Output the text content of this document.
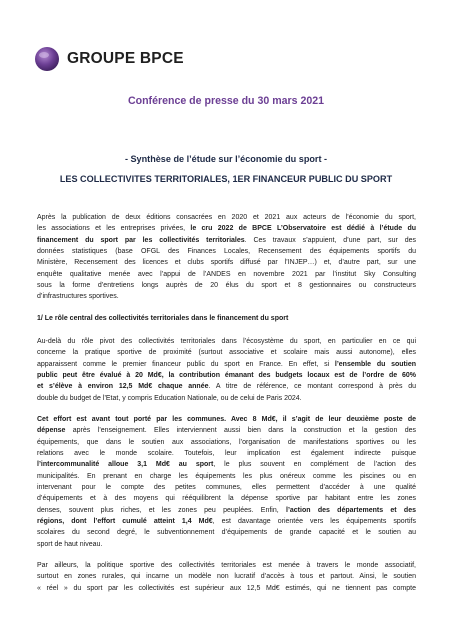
GROUPE BPCE
Conférence de presse du 30 mars 2021
- Synthèse de l’étude sur l’économie du sport -
LES COLLECTIVITES TERRITORIALES, 1ER FINANCEUR PUBLIC DU SPORT
Après la publication de deux éditions consacrées en 2020 et 2021 aux acteurs de l’économie du sport,
les associations et les entreprises privées, le cru 2022 de BPCE L’Observatoire est dédié à l’étude du
financement du sport par les collectivités territoriales. Ces travaux s’appuient, d’une part, sur des
données statistiques (base OFGL des Finances Locales, Recensement des équipements sportifs du
Ministère, Recensement des licences et clubs sportifs diffusé par l’INJEP…) et, d’autre part, sur une
enquête qualitative menée avec l’appui de l’ANDES en novembre 2021 par l’institut Sky Consulting
sous la forme d’entretiens longs auprès de 20 élus du sport et 8 gestionnaires ou constructeurs
d’infrastructures sportives.
1/ Le rôle central des collectivités territoriales dans le financement du sport
Au-delà du rôle pivot des collectivités territoriales dans l’écosystème du sport, en particulier en ce qui
concerne la pratique sportive de proximité (surtout associative et scolaire mais aussi autonome), elles
apparaissent comme le premier financeur public du sport en France. En effet, si l’ensemble du soutien
public peut être évalué à 20 Md€, la contribution émanant des budgets locaux est de l’ordre de 60%
et s’élève à environ 12,5 Md€ chaque année. A titre de référence, ce montant correspond à près du
double du budget de l’Etat, y compris Education Nationale, ou de celui de Paris 2024.
Cet effort est avant tout porté par les communes. Avec 8 Md€, il s’agit de leur deuxième poste de
dépense après l’enseignement. Elles interviennent aussi bien dans la construction et la gestion des
équipements, que dans le soutien aux associations, l’organisation de manifestations sportives ou les
relations avec le monde scolaire. Toutefois, leur implication est également indirecte puisque
l’intercommunalité alloue 3,1 Md€ au sport, le plus souvent en complément de l’action des
municipalités. En prenant en charge les équipements les plus onéreux comme les piscines ou en
intervenant pour le compte des petites communes, elles permettent d’accéder à une qualité
d’équipements et à des moyens qui rééquilibrent la dépense sportive par habitant entre les zones
denses, souvent plus riches, et les zones peu peuplées. Enfin, l’action des départements et des
régions, dont l’effort cumulé atteint 1,4 Md€, est davantage orientée vers les équipements sportifs
scolaires du second degré, le subventionnement d’équipements de grande capacité et le soutien au
sport de haut niveau.
Par ailleurs, la politique sportive des collectivités territoriales est menée à travers le monde associatif,
surtout en zones rurales, qui incarne un modèle non lucratif d’accès à tous et partout. Ainsi, le soutien
« réel » du sport par les collectivités est supérieur aux 12,5 Md€ estimés, qui ne tiennent pas compte
